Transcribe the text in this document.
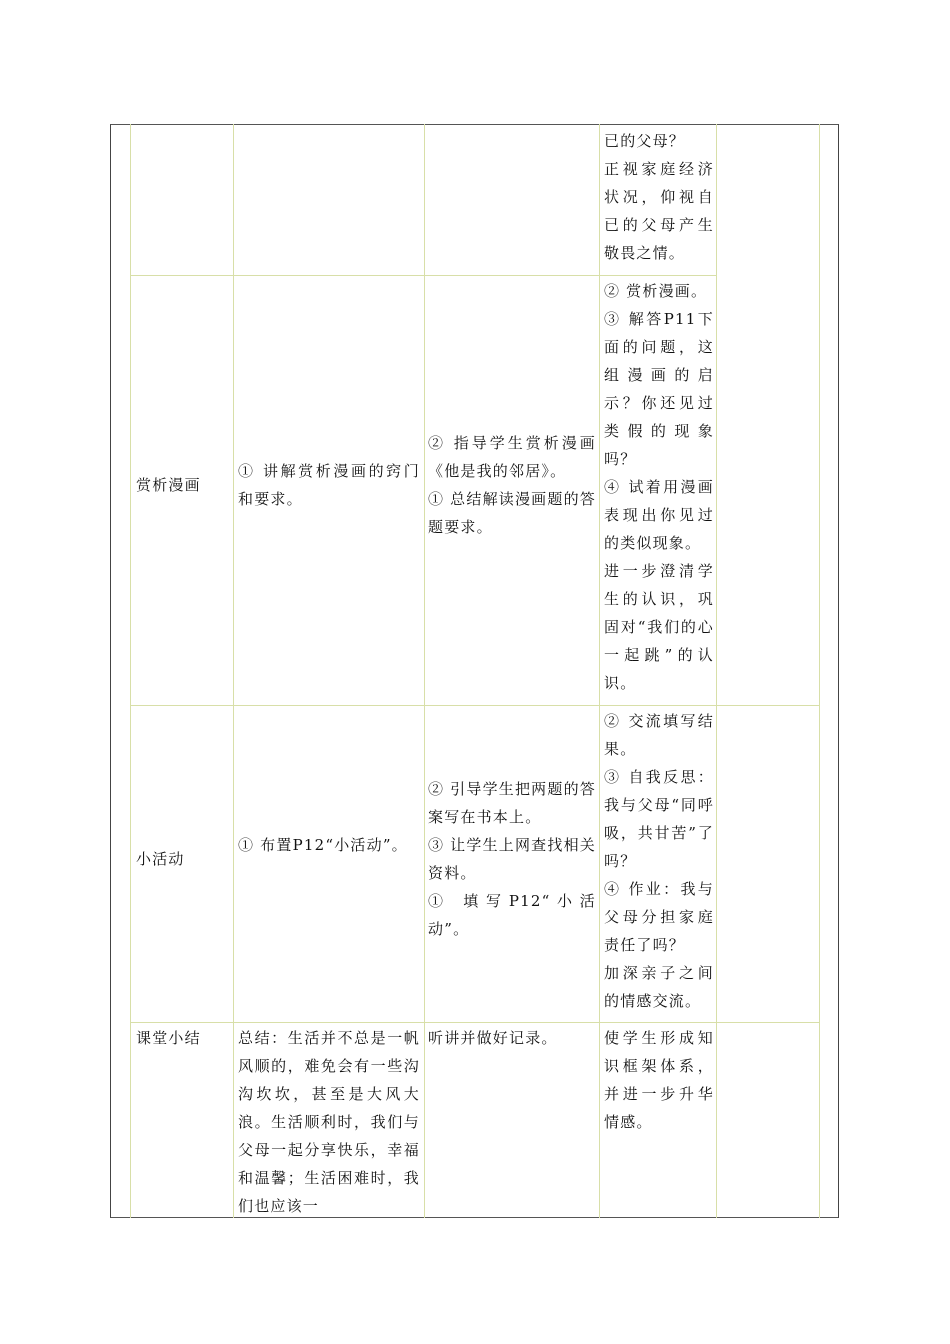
已的父母？

正视家庭经济状况，仰视自已的父母产生敬畏之情。

赏析漫画

① 讲解赏析漫画的窍门和要求。

② 指导学生赏析漫画《他是我的邻居》。

① 总结解读漫画题的答题要求。

② 赏析漫画。

③ 解答P11下面的问题，这组漫画的启示？你还见过类假的现象吗？

④ 试着用漫画表现出你见过的类似现象。

进一步澄清学生的认识，巩固对“我们的心一起跳”的认识。

小活动

① 布置P12“小活动”。

② 引导学生把两题的答案写在书本上。

③ 让学生上网查找相关资料。

① 填写P12“小活动”。

② 交流填写结果。

③ 自我反思：我与父母“同呼吸，共甘苦”了吗？

④ 作业：我与父母分担家庭责任了吗？

加深亲子之间的情感交流。

课堂小结	总结：生活并不总是一帆风顺的，难免会有一些沟沟坎坎，甚至是大风大浪。生活顺利时，我们与父母一起分享快乐，幸福和温馨；生活困难时，我们也应该一

听讲并做好记录。	使学生形成知识框架体系，并进一步升华情感。
